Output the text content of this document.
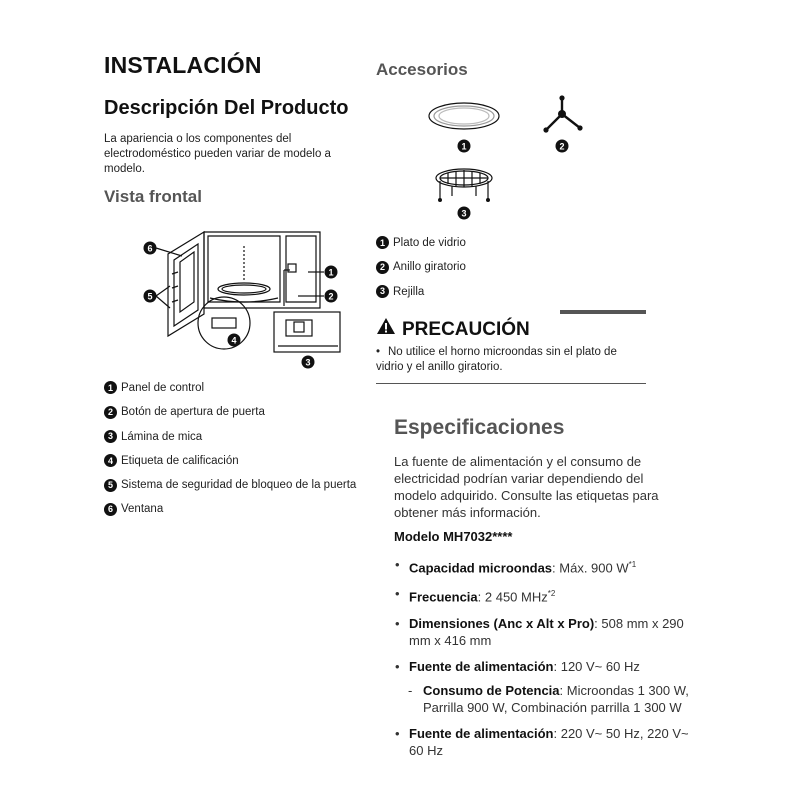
INSTALACIÓN
Descripción Del Producto
La apariencia o los componentes del electrodoméstico pueden variar de modelo a modelo.
Vista frontal
6
5
1
2
4
3
1 Panel de control
2 Botón de apertura de puerta
3 Lámina de mica
4 Etiqueta de calificación
5 Sistema de seguridad de bloqueo de la puerta
6 Ventana
Accesorios
1	2
3
1 Plato de vidrio
2 Anillo giratorio
3 Rejilla
PRECAUCIÓN
• No utilice el horno microondas sin el plato de vidrio y el anillo giratorio.
Especificaciones
La fuente de alimentación y el consumo de electricidad podrían variar dependiendo del modelo adquirido. Consulte las etiquetas para obtener más información.
Modelo MH7032****
• Capacidad microondas: Máx. 900 $W^{*1}$
• Frecuencia: 2 450 MHz$^{*2}$
• Dimensiones (Anc x Alt x Pro): 508 mm x 290 mm x 416 mm
• Fuente de alimentación: 120 V~ 60 Hz
- Consumo de Potencia: Microondas 1 300 W, Parrilla 900 W, Combinación parrilla 1 300 W
• Fuente de alimentación: 220 V~ 50 Hz, 220 V~ 60 Hz
